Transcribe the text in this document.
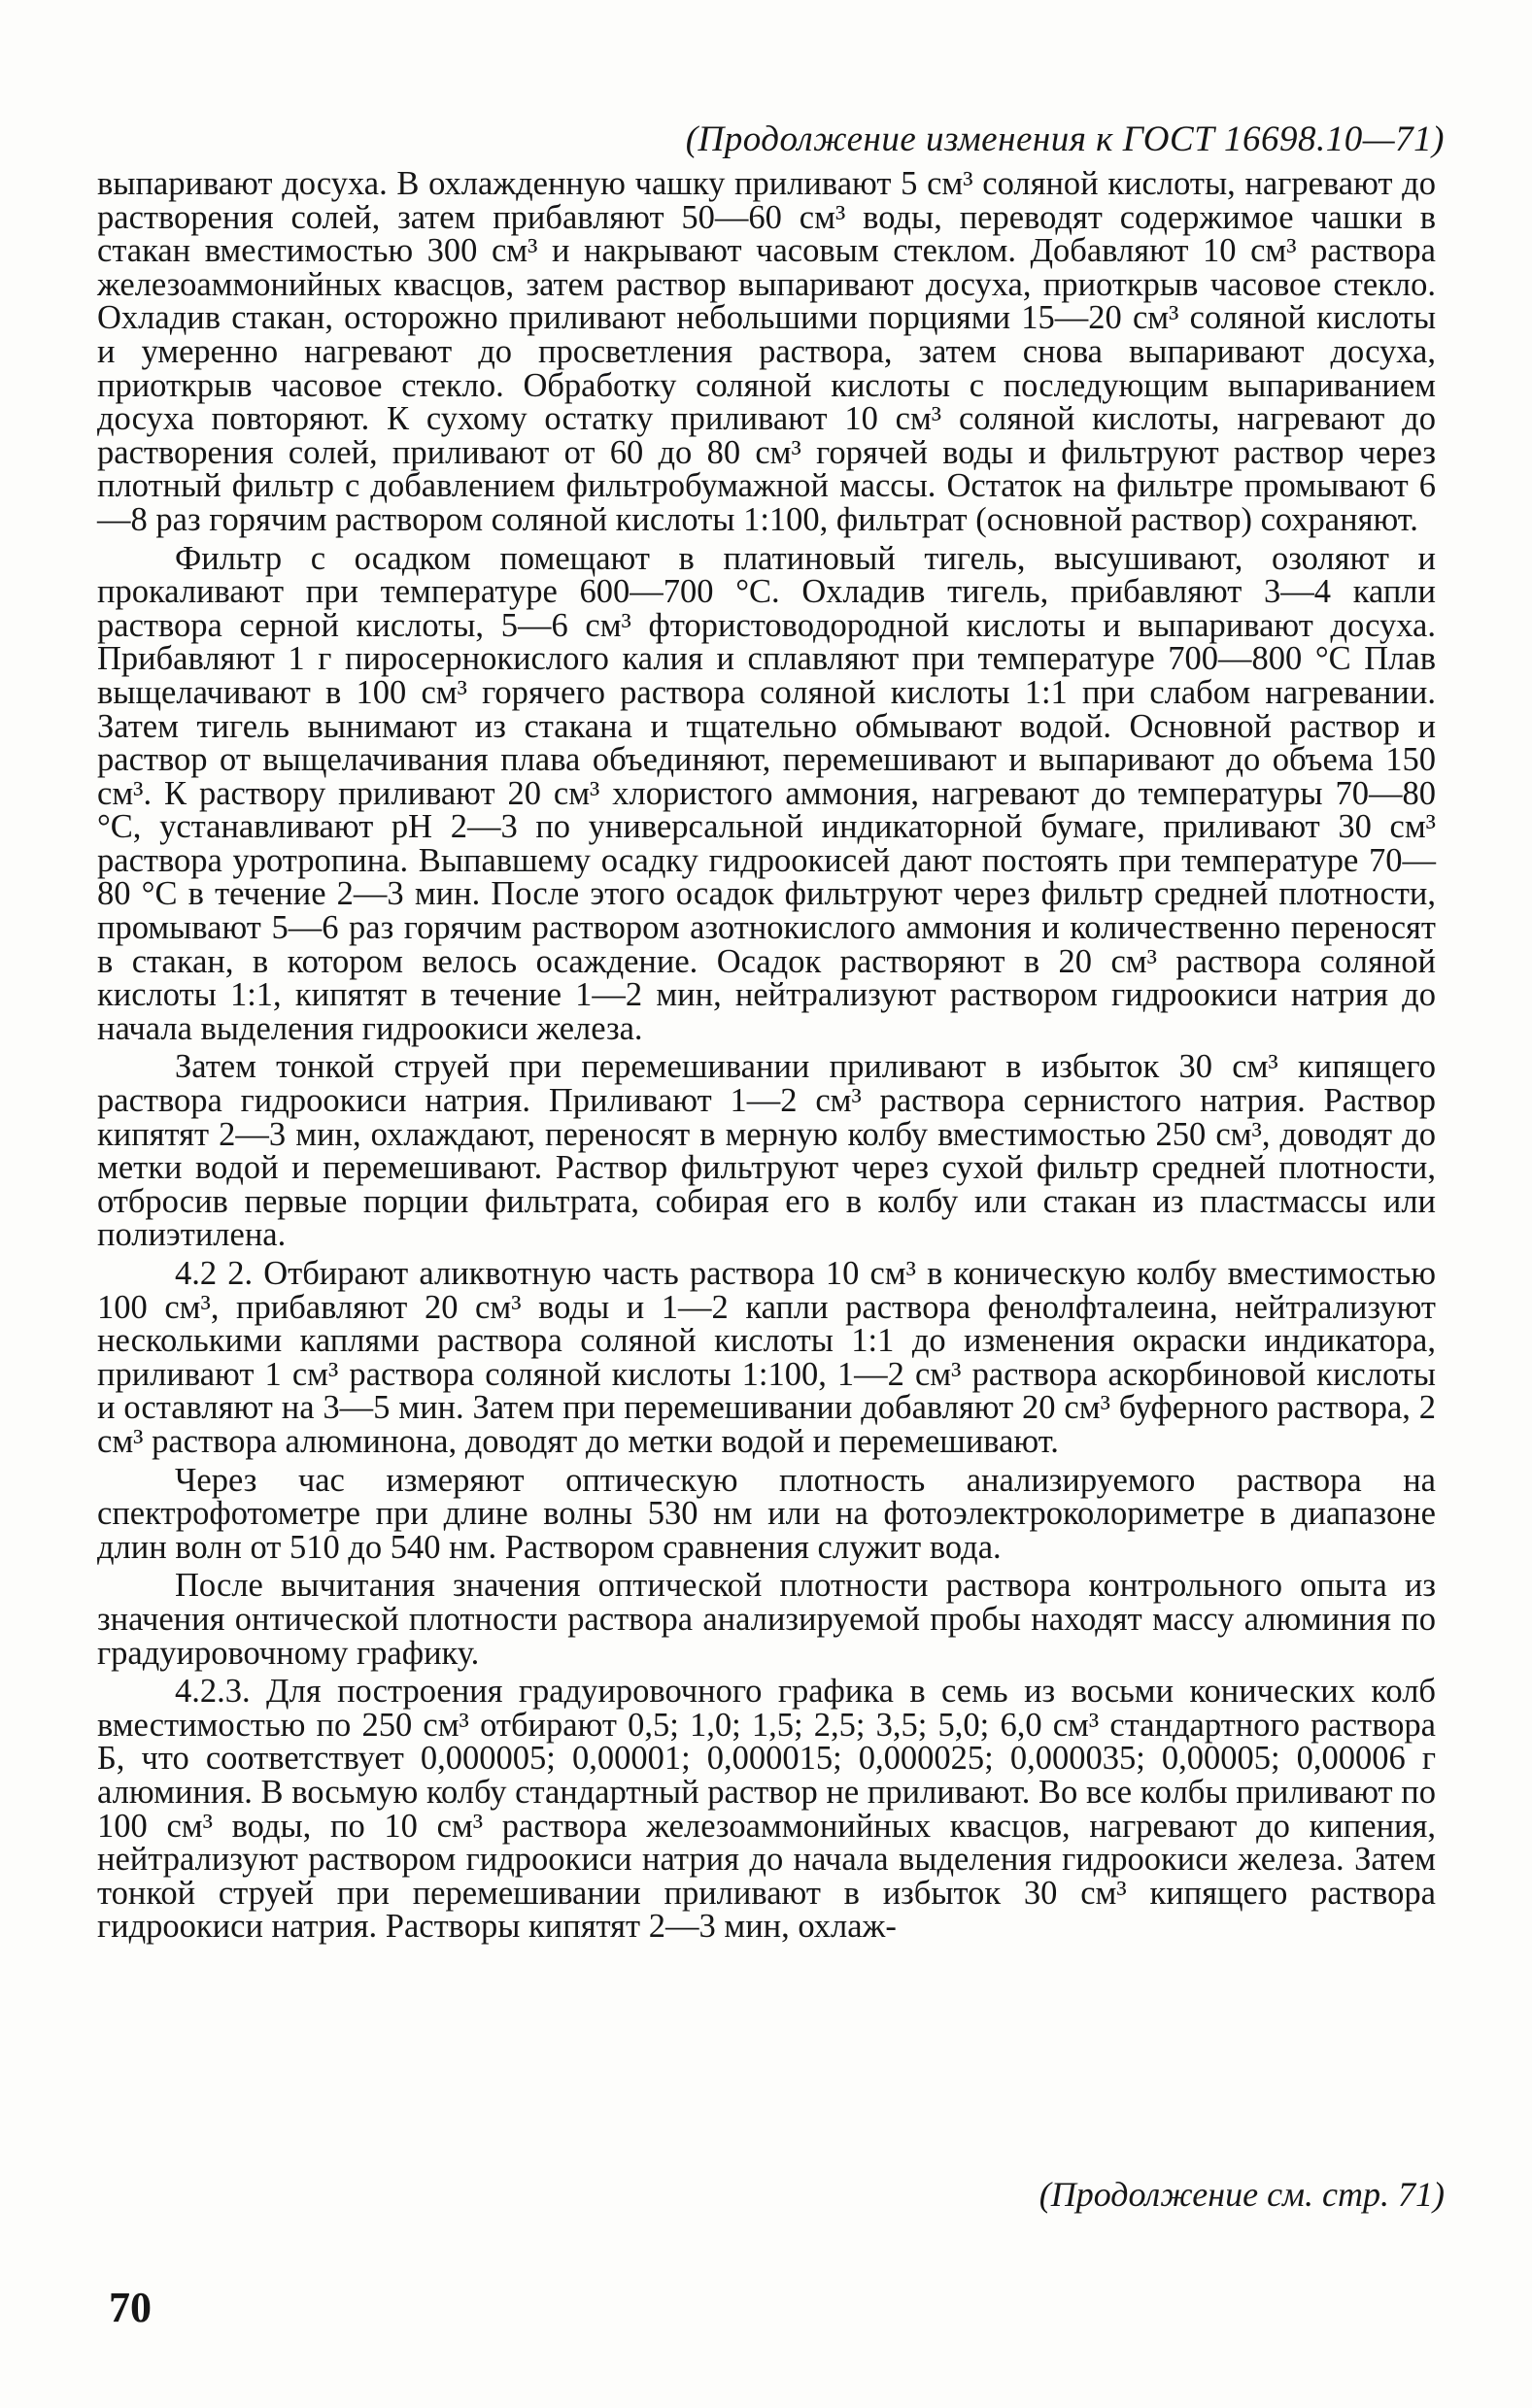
(Продолжение изменения к ГОСТ 16698.10—71)

выпаривают досуха. В охлажденную чашку приливают 5 см³ соляной кислоты, нагревают до растворения солей, затем прибавляют 50—60 см³ воды, переводят содержимое чашки в стакан вместимостью 300 см³ и накрывают часовым стеклом. Добавляют 10 см³ раствора железоаммонийных квасцов, затем раствор выпаривают досуха, приоткрыв часовое стекло. Охладив стакан, осторожно приливают небольшими порциями 15—20 см³ соляной кислоты и умеренно нагревают до просветления раствора, затем снова выпаривают досуха, приоткрыв часовое стекло. Обработку соляной кислоты с последующим выпариванием досуха повторяют. К сухому остатку приливают 10 см³ соляной кислоты, нагревают до растворения солей, приливают от 60 до 80 см³ горячей воды и фильтруют раствор через плотный фильтр с добавлением фильтробумажной массы. Остаток на фильтре промывают 6—8 раз горячим раствором соляной кислоты 1:100, фильтрат (основной раствор) сохраняют.

Фильтр с осадком помещают в платиновый тигель, высушивают, озоляют и прокаливают при температуре 600—700 °С. Охладив тигель, прибавляют 3—4 капли раствора серной кислоты, 5—6 см³ фтористоводородной кислоты и выпаривают досуха. Прибавляют 1 г пиросернокислого калия и сплавляют при температуре 700—800 °С Плав выщелачивают в 100 см³ горячего раствора соляной кислоты 1:1 при слабом нагревании. Затем тигель вынимают из стакана и тщательно обмывают водой. Основной раствор и раствор от выщелачивания плава объединяют, перемешивают и выпаривают до объема 150 см³. К раствору приливают 20 см³ хлористого аммония, нагревают до температуры 70—80 °С, устанавливают рН 2—3 по универсальной индикаторной бумаге, приливают 30 см³ раствора уротропина. Выпавшему осадку гидроокисей дают постоять при температуре 70—80 °С в течение 2—3 мин. После этого осадок фильтруют через фильтр средней плотности, промывают 5—6 раз горячим раствором азотнокислого аммония и количественно переносят в стакан, в котором велось осаждение. Осадок растворяют в 20 см³ раствора соляной кислоты 1:1, кипятят в течение 1—2 мин, нейтрализуют раствором гидроокиси натрия до начала выделения гидроокиси железа.

Затем тонкой струей при перемешивании приливают в избыток 30 см³ кипящего раствора гидроокиси натрия. Приливают 1—2 см³ раствора сернистого натрия. Раствор кипятят 2—3 мин, охлаждают, переносят в мерную колбу вместимостью 250 см³, доводят до метки водой и перемешивают. Раствор фильтруют через сухой фильтр средней плотности, отбросив первые порции фильтрата, собирая его в колбу или стакан из пластмассы или полиэтилена.

4.2 2. Отбирают аликвотную часть раствора 10 см³ в коническую колбу вместимостью 100 см³, прибавляют 20 см³ воды и 1—2 капли раствора фенолфталеина, нейтрализуют несколькими каплями раствора соляной кислоты 1:1 до изменения окраски индикатора, приливают 1 см³ раствора соляной кислоты 1:100, 1—2 см³ раствора аскорбиновой кислоты и оставляют на 3—5 мин. Затем при перемешивании добавляют 20 см³ буферного раствора, 2 см³ раствора алюминона, доводят до метки водой и перемешивают.

Через час измеряют оптическую плотность анализируемого раствора на спектрофотометре при длине волны 530 нм или на фотоэлектроколориметре в диапазоне длин волн от 510 до 540 нм. Раствором сравнения служит вода.

После вычитания значения оптической плотности раствора контрольного опыта из значения онтической плотности раствора анализируемой пробы находят массу алюминия по градуировочному графику.

4.2.3. Для построения градуировочного графика в семь из восьми конических колб вместимостью по 250 см³ отбирают 0,5; 1,0; 1,5; 2,5; 3,5; 5,0; 6,0 см³ стандартного раствора Б, что соответствует 0,000005; 0,00001; 0,000015; 0,000025; 0,000035; 0,00005; 0,00006 г алюминия. В восьмую колбу стандартный раствор не приливают. Во все колбы приливают по 100 см³ воды, по 10 см³ раствора железоаммонийных квасцов, нагревают до кипения, нейтрализуют раствором гидроокиси натрия до начала выделения гидроокиси железа. Затем тонкой струей при перемешивании приливают в избыток 30 см³ кипящего раствора гидроокиси натрия. Растворы кипятят 2—3 мин, охлаж-

(Продолжение см. стр. 71)
70
